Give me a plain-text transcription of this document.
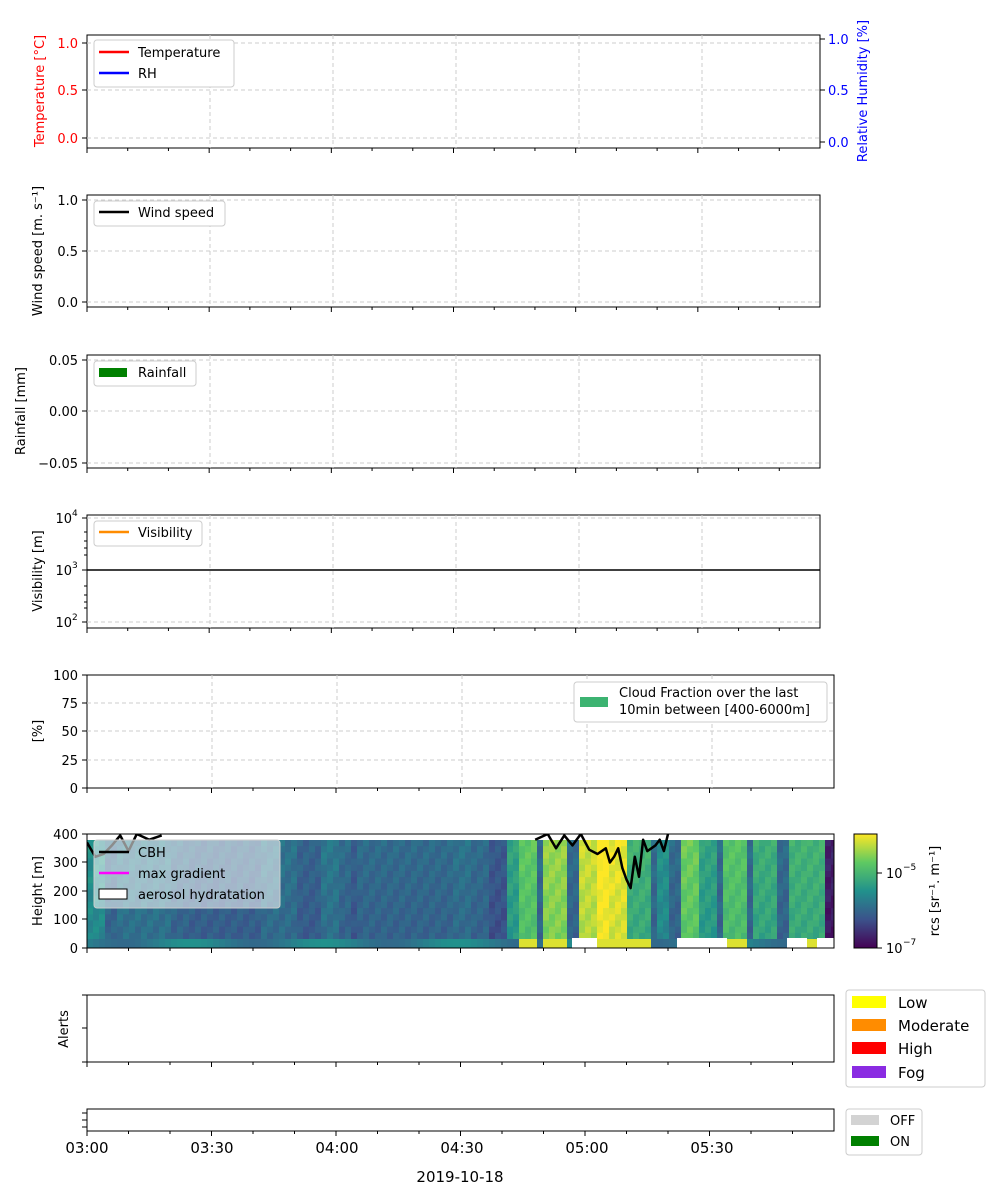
1.0
0.5
0.0
1.0
0.5
0.0
Temperature [°C]	Relative Humidity [%]
Temperature
RH
1.0
0.5
0.0
Wind speed [m. s⁻¹]	Wind speed
0.05
0.00
−0.05
Rainfall [mm]	Rainfall
10 4
10 3
10 2
Visibility [m]	Visibility
100
75
50
25
0
[%]
Cloud Fraction over the last
10min between [400-6000m]
400
300
200
100
0
Height [m]
CBH
max gradient
aerosol hydratation
10 −5
10 −7
rcs [sr⁻¹. m⁻¹]
Alerts
Low
Moderate
High
Fog
OFF
ON
03:00	03:30	04:00	04:30	05:00	05:30
2019-10-18
